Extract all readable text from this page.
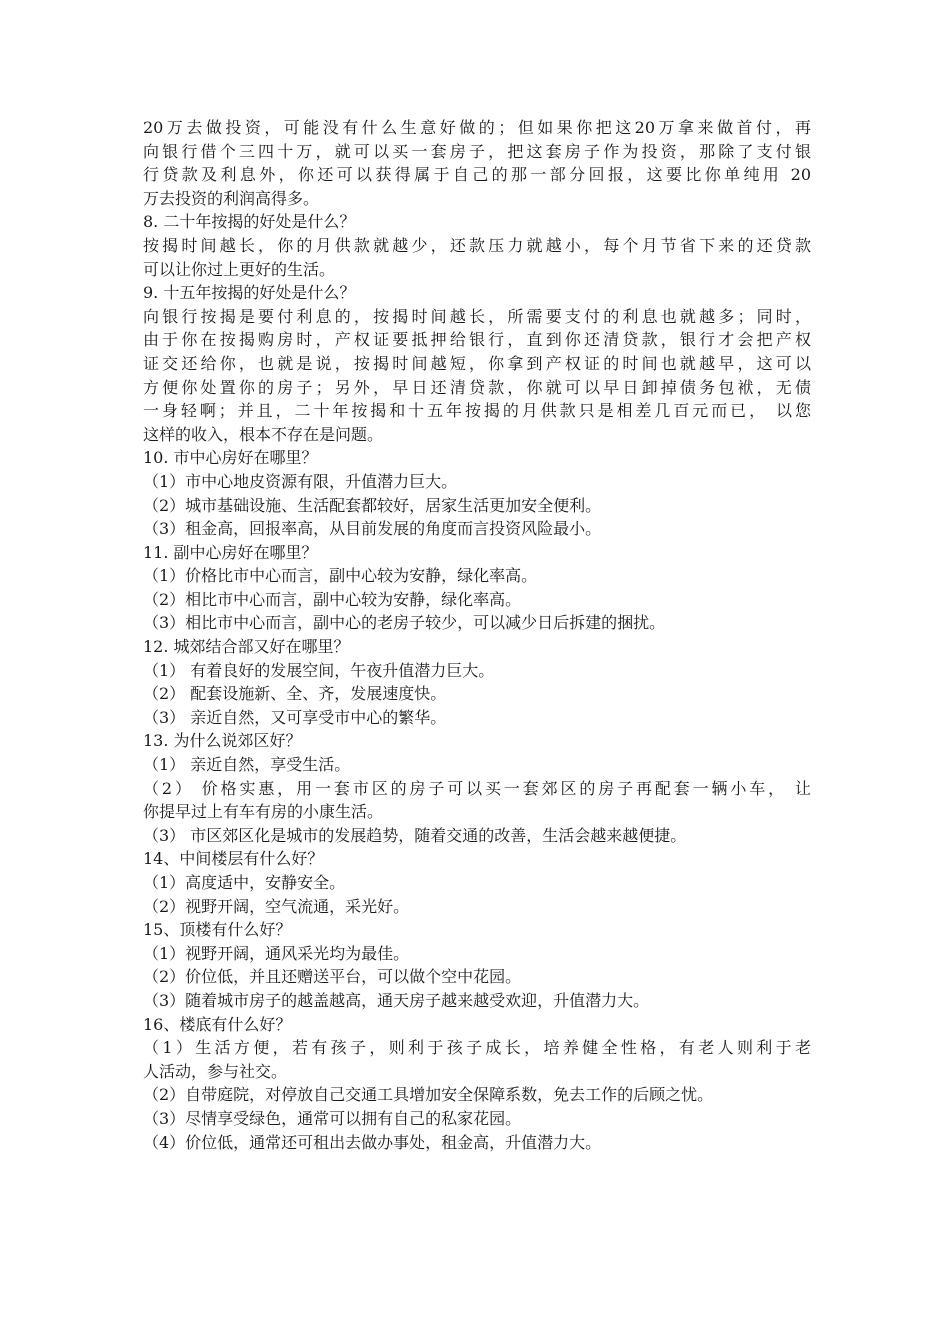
20万去做投资，可能没有什么生意好做的；但如果你把这20万拿来做首付，再
向银行借个三四十万，就可以买一套房子，把这套房子作为投资，那除了支付银
行贷款及利息外，你还可以获得属于自己的那一部分回报，这要比你单纯用 20
万去投资的利润高得多。
8. 二十年按揭的好处是什么？
按揭时间越长，你的月供款就越少，还款压力就越小，每个月节省下来的还贷款
可以让你过上更好的生活。
9. 十五年按揭的好处是什么？
向银行按揭是要付利息的，按揭时间越长，所需要支付的利息也就越多；同时，
由于你在按揭购房时，产权证要抵押给银行，直到你还清贷款，银行才会把产权
证交还给你，也就是说，按揭时间越短，你拿到产权证的时间也就越早，这可以
方便你处置你的房子；另外，早日还清贷款，你就可以早日卸掉债务包袱，无债
一身轻啊；并且，二十年按揭和十五年按揭的月供款只是相差几百元而已， 以您
这样的收入，根本不存在是问题。
10. 市中心房好在哪里？
（1）市中心地皮资源有限，升值潜力巨大。
（2）城市基础设施、生活配套都较好，居家生活更加安全便利。
（3）租金高，回报率高，从目前发展的角度而言投资风险最小。
11. 副中心房好在哪里？
（1）价格比市中心而言，副中心较为安静，绿化率高。
（2）相比市中心而言，副中心较为安静，绿化率高。
（3）相比市中心而言，副中心的老房子较少，可以减少日后拆建的捆扰。
12. 城郊结合部又好在哪里？
（1） 有着良好的发展空间，午夜升值潜力巨大。
（2） 配套设施新、全、齐，发展速度快。
（3） 亲近自然，又可享受市中心的繁华。
13. 为什么说郊区好？
（1） 亲近自然，享受生活。
（2） 价格实惠，用一套市区的房子可以买一套郊区的房子再配套一辆小车， 让
你提早过上有车有房的小康生活。
（3） 市区郊区化是城市的发展趋势，随着交通的改善，生活会越来越便捷。
14、中间楼层有什么好？
（1）高度适中，安静安全。
（2）视野开阔，空气流通，采光好。
15、顶楼有什么好？
（1）视野开阔，通风采光均为最佳。
（2）价位低，并且还赠送平台，可以做个空中花园。
（3）随着城市房子的越盖越高，通天房子越来越受欢迎，升值潜力大。
16、楼底有什么好？
（1）生活方便，若有孩子，则利于孩子成长，培养健全性格，有老人则利于老
人活动，参与社交。
（2）自带庭院，对停放自己交通工具增加安全保障系数，免去工作的后顾之忧。
（3）尽情享受绿色，通常可以拥有自己的私家花园。
（4）价位低，通常还可租出去做办事处，租金高，升值潜力大。
